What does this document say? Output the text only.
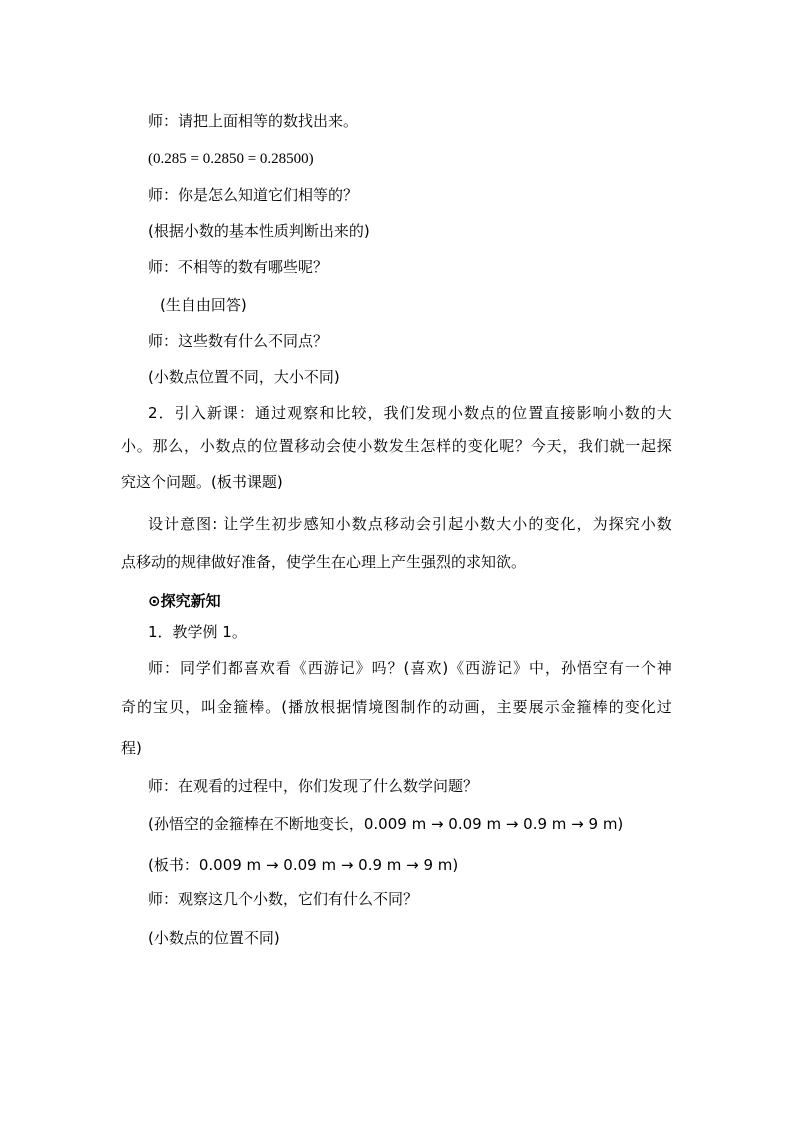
师：请把上面相等的数找出来。
(0.285 = 0.2850 = 0.28500)
师：你是怎么知道它们相等的？
(根据小数的基本性质判断出来的)
师：不相等的数有哪些呢？
(生自由回答)
师：这些数有什么不同点？
(小数点位置不同，大小不同)
2．引入新课：通过观察和比较，我们发现小数点的位置直接影响小数的大
小。那么，小数点的位置移动会使小数发生怎样的变化呢？今天，我们就一起探
究这个问题。(板书课题)
设计意图: 让学生初步感知小数点移动会引起小数大小的变化，为探究小数
点移动的规律做好准备，使学生在心理上产生强烈的求知欲。
⊙探究新知
1．教学例 1。
师：同学们都喜欢看《西游记》吗？(喜欢)《西游记》中，孙悟空有一个神
奇的宝贝，叫金箍棒。(播放根据情境图制作的动画，主要展示金箍棒的变化过
程)
师：在观看的过程中，你们发现了什么数学问题？
(孙悟空的金箍棒在不断地变长，0.009 m → 0.09 m → 0.9 m → 9 m)
(板书：0.009 m → 0.09 m → 0.9 m → 9 m)
师：观察这几个小数，它们有什么不同？
(小数点的位置不同)
